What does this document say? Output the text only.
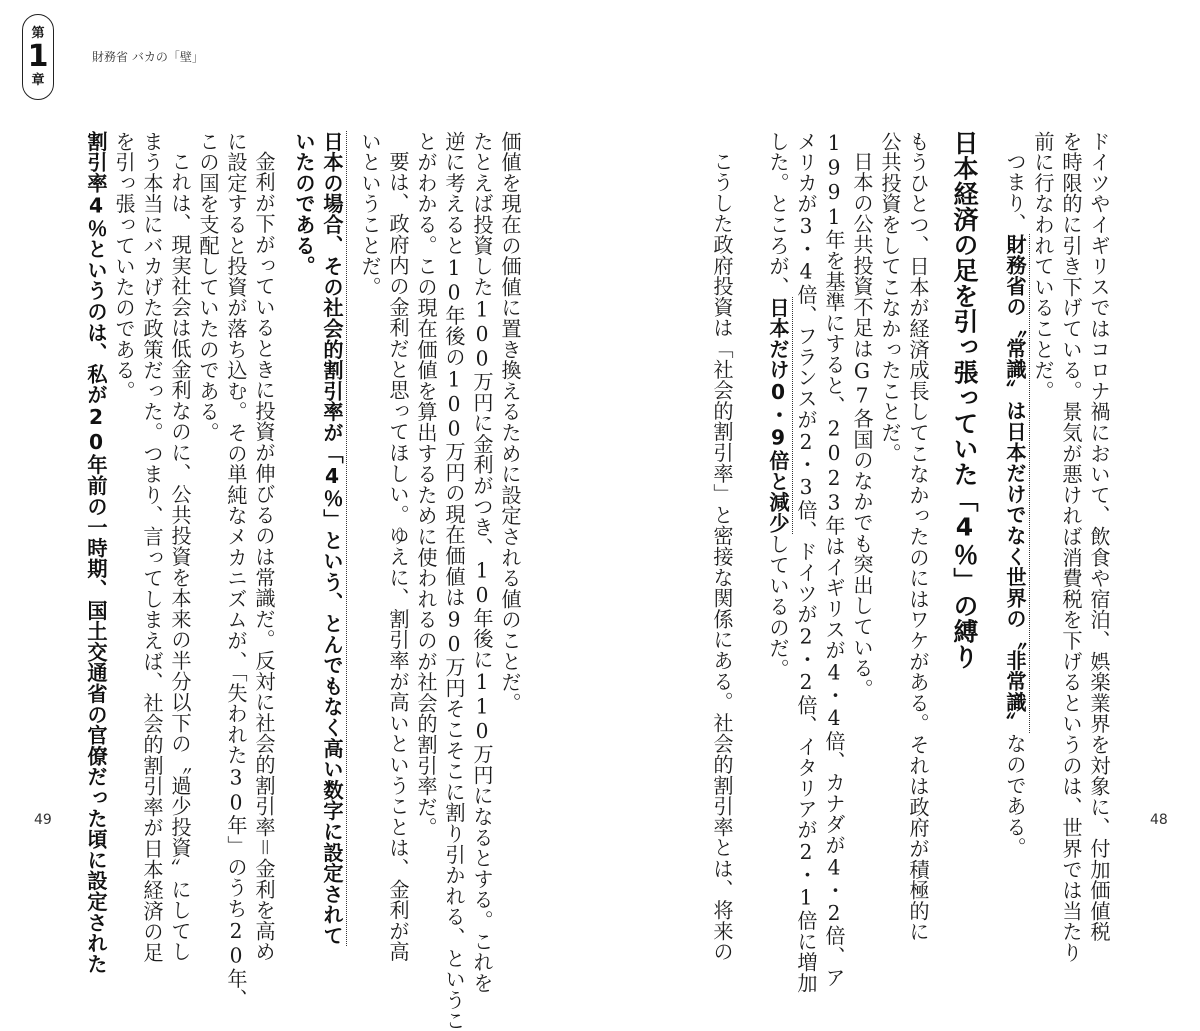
第
1
章
財務省 バカの「壁」
ドイツやイギリスではコロナ禍において、飲食や宿泊、娯楽業界を対象に、付加価値税
を時限的に引き下げている。景気が悪ければ消費税を下げるというのは、世界では当たり
前に行なわれていることだ。
つまり、財務省の〝常識〟は日本だけでなく世界の〝非常識〟なのである。
日本経済の足を引っ張っていた「4％」の縛り
もうひとつ、日本が経済成長してこなかったのにはワケがある。それは政府が積極的に
公共投資をしてこなかったことだ。
日本の公共投資不足はG7各国のなかでも突出している。
1991年を基準にすると、2023年はイギリスが4・4倍、カナダが4・2倍、ア
メリカが3・4倍、フランスが2・3倍、ドイツが2・2倍、イタリアが2・1倍に増加
した。ところが、日本だけ0・9倍と減少しているのだ。
こうした政府投資は「社会的割引率」と密接な関係にある。社会的割引率とは、将来の
価値を現在の価値に置き換えるために設定される値のことだ。
たとえば投資した100万円に金利がつき、10年後に110万円になるとする。これを
逆に考えると10年後の100万円の現在価値は90万円そこそこに割り引かれる、というこ
とがわかる。この現在価値を算出するために使われるのが社会的割引率だ。
要は、政府内の金利だと思ってほしい。ゆえに、割引率が高いということは、金利が高
いということだ。
日本の場合、その社会的割引率が「4％」という、とんでもなく高い数字に設定されて
いたのである。
金利が下がっているときに投資が伸びるのは常識だ。反対に社会的割引率＝金利を高め
に設定すると投資が落ち込む。その単純なメカニズムが、「失われた30年」のうち20年、
この国を支配していたのである。
これは、現実社会は低金利なのに、公共投資を本来の半分以下の〝過少投資〟にしてし
まう本当にバカげた政策だった。つまり、言ってしまえば、社会的割引率が日本経済の足
を引っ張っていたのである。
割引率4％というのは、私が20年前の一時期、国土交通省の官僚だった頃に設定された
49	48
